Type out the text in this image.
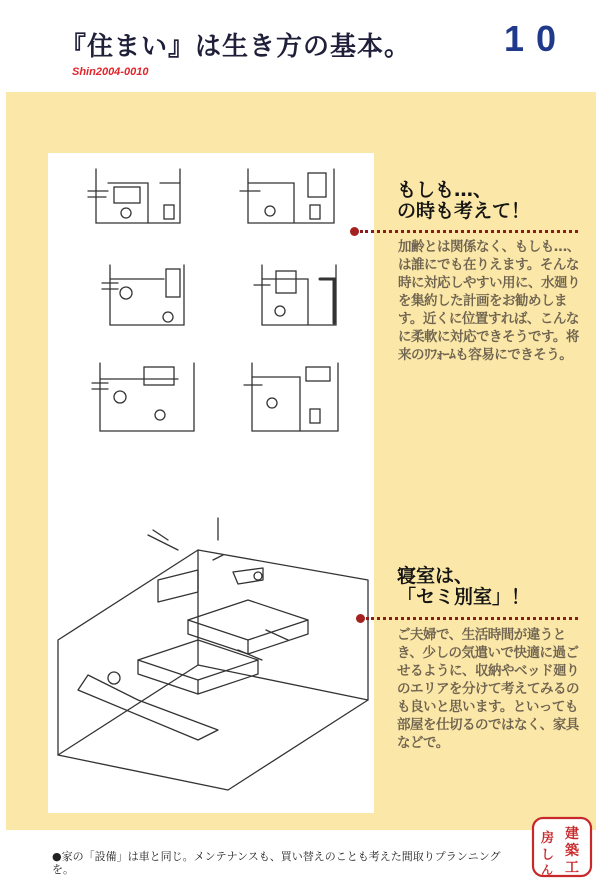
『住まい』は生き方の基本。
Shin2004-0010
10
もしも…、
の時も考えて！
加齢とは関係なく、もしも…、は誰にでも在りえます。そんな時に対応しやすい用に、水廻りを集約した計画をお勧めします。近くに位置すれば、こんなに柔軟に対応できそうです。将来のﾘﾌｫｰﾑも容易にできそう。
寝室は、
「セミ別室」！
ご夫婦で、生活時間が違うとき、少しの気遣いで快適に過ごせるように、収納やベッド廻りのエリアを分けて考えてみるのも良いと思います。といっても部屋を仕切るのではなく、家具などで。
●家の「設備」は車と同じ。メンテナンスも、買い替えのことも考えた間取りプランニングを。
建
築
工
房
し
ん
